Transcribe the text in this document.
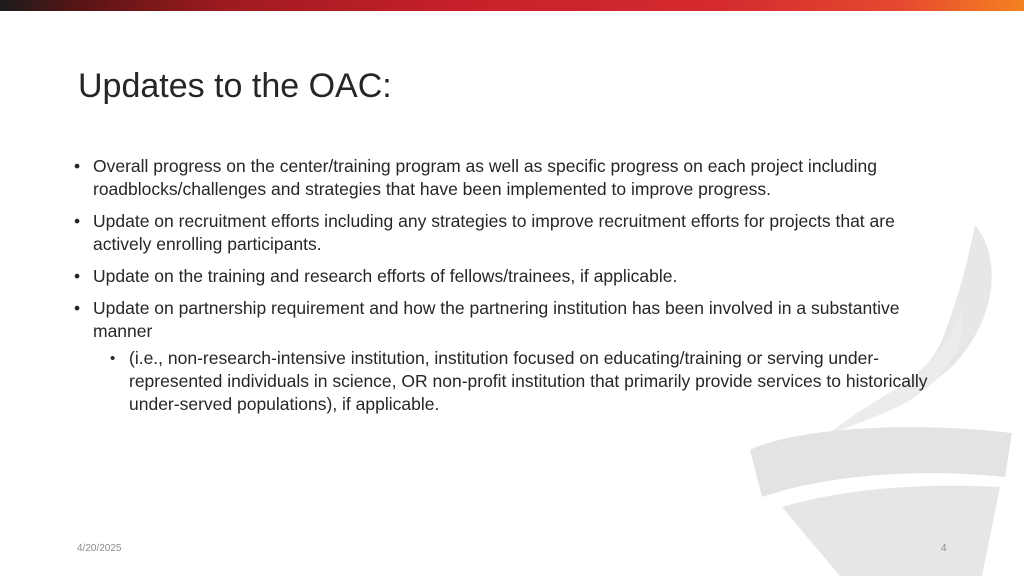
Updates to the OAC:
• Overall progress on the center/training program as well as specific progress on each project including roadblocks/challenges and strategies that have been implemented to improve progress.
• Update on recruitment efforts including any strategies to improve recruitment efforts for projects that are actively enrolling participants.
• Update on the training and research efforts of fellows/trainees, if applicable.
• Update on partnership requirement and how the partnering institution has been involved in a substantive manner
• (i.e., non-research-intensive institution, institution focused on educating/training or serving under-represented individuals in science, OR non-profit institution that primarily provide services to historically under-served populations), if applicable.
4/20/2025	4
